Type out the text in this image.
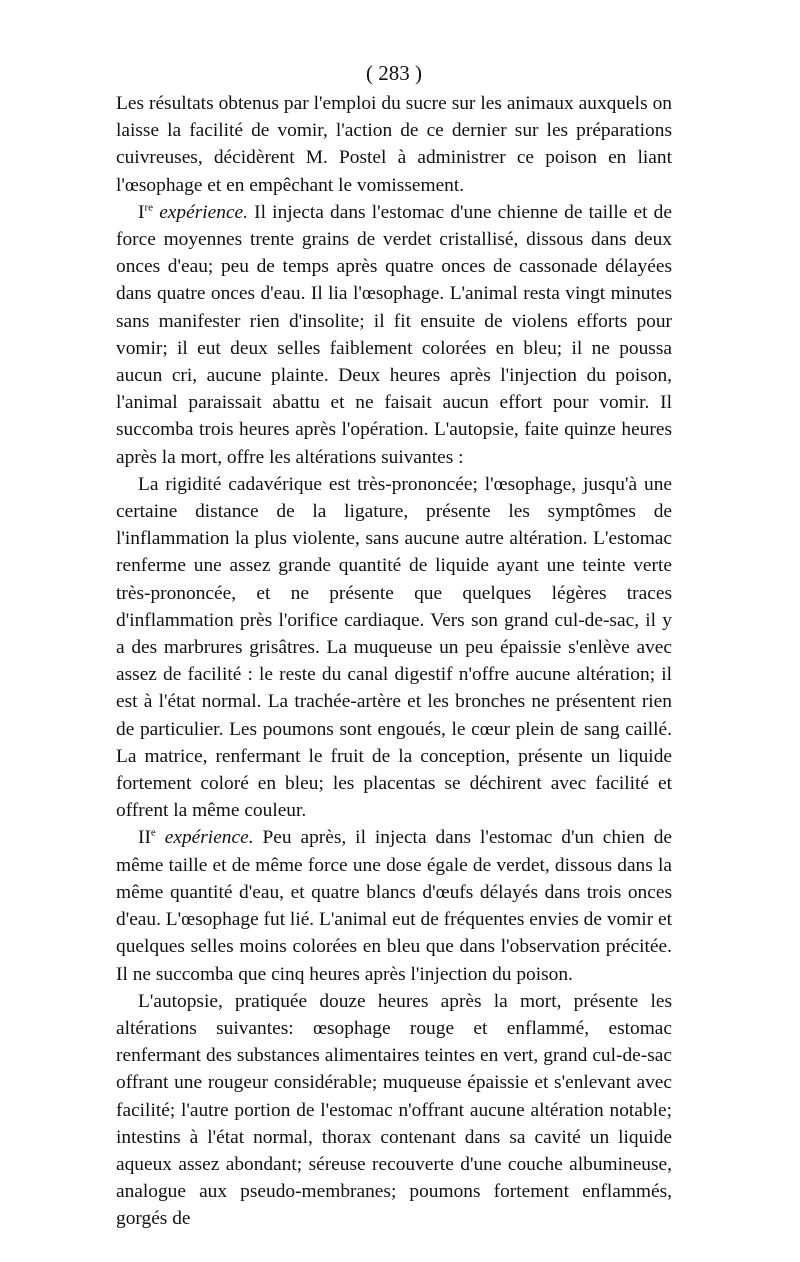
( 283 )

Les résultats obtenus par l'emploi du sucre sur les animaux auxquels on laisse la facilité de vomir, l'action de ce dernier sur les préparations cuivreuses, décidèrent M. Postel à administrer ce poison en liant l'œsophage et en empêchant le vomissement.

Ire expérience. Il injecta dans l'estomac d'une chienne de taille et de force moyennes trente grains de verdet cristallisé, dissous dans deux onces d'eau; peu de temps après quatre onces de cassonade délayées dans quatre onces d'eau. Il lia l'œsophage. L'animal resta vingt minutes sans manifester rien d'insolite; il fit ensuite de violens efforts pour vomir; il eut deux selles faiblement colorées en bleu; il ne poussa aucun cri, aucune plainte. Deux heures après l'injection du poison, l'animal paraissait abattu et ne faisait aucun effort pour vomir. Il succomba trois heures après l'opération. L'autopsie, faite quinze heures après la mort, offre les altérations suivantes :

La rigidité cadavérique est très-prononcée; l'œsophage, jusqu'à une certaine distance de la ligature, présente les symptômes de l'inflammation la plus violente, sans aucune autre altération. L'estomac renferme une assez grande quantité de liquide ayant une teinte verte très-prononcée, et ne présente que quelques légères traces d'inflammation près l'orifice cardiaque. Vers son grand cul-de-sac, il y a des marbrures grisâtres. La muqueuse un peu épaissie s'enlève avec assez de facilité : le reste du canal digestif n'offre aucune altération; il est à l'état normal. La trachée-artère et les bronches ne présentent rien de particulier. Les poumons sont engoués, le cœur plein de sang caillé. La matrice, renfermant le fruit de la conception, présente un liquide fortement coloré en bleu; les placentas se déchirent avec facilité et offrent la même couleur.

IIe expérience. Peu après, il injecta dans l'estomac d'un chien de même taille et de même force une dose égale de verdet, dissous dans la même quantité d'eau, et quatre blancs d'œufs délayés dans trois onces d'eau. L'œsophage fut lié. L'animal eut de fréquentes envies de vomir et quelques selles moins colorées en bleu que dans l'observation précitée. Il ne succomba que cinq heures après l'injection du poison.

L'autopsie, pratiquée douze heures après la mort, présente les altérations suivantes: œsophage rouge et enflammé, estomac renfermant des substances alimentaires teintes en vert, grand cul-de-sac offrant une rougeur considérable; muqueuse épaissie et s'enlevant avec facilité; l'autre portion de l'estomac n'offrant aucune altération notable; intestins à l'état normal, thorax contenant dans sa cavité un liquide aqueux assez abondant; séreuse recouverte d'une couche albumineuse, analogue aux pseudo-membranes; poumons fortement enflammés, gorgés de
